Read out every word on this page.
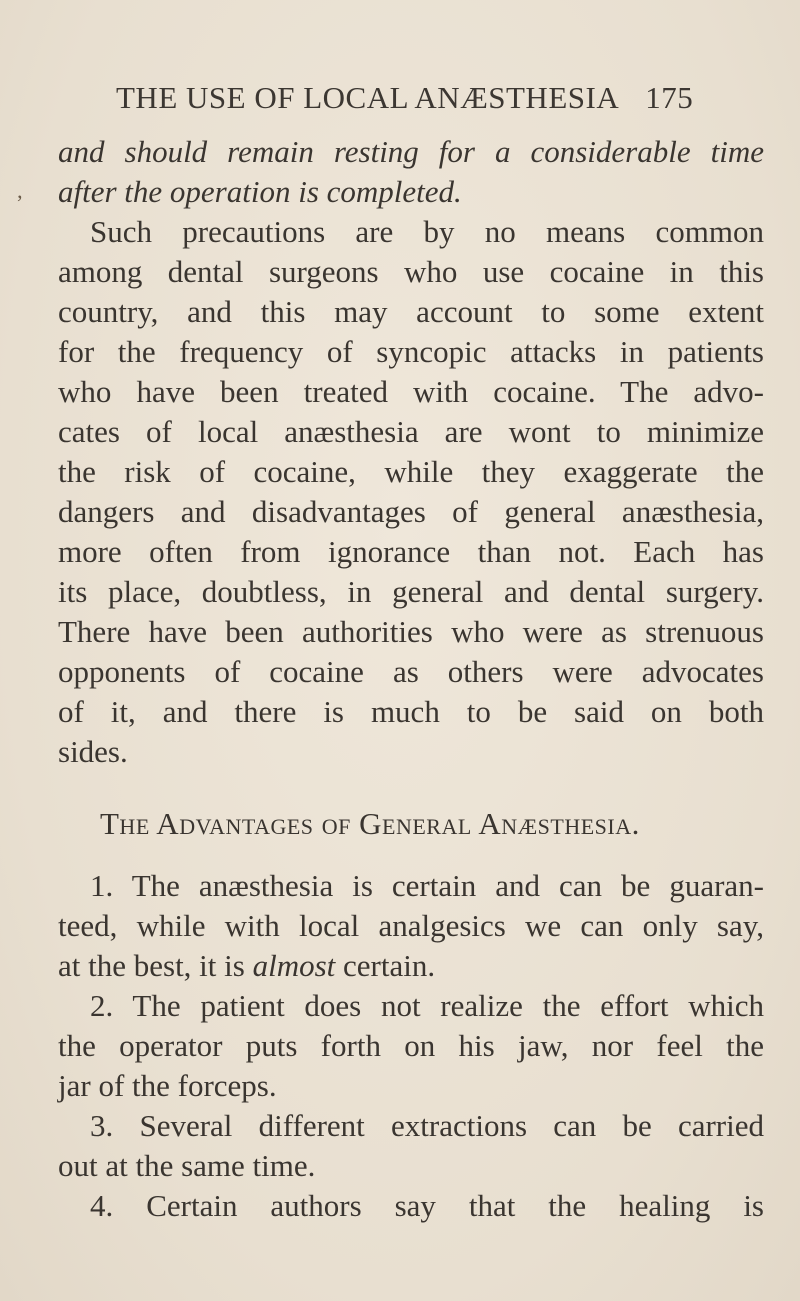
THE USE OF LOCAL ANÆSTHESIA 175
‚
and should remain resting for a considerable time
after the operation is completed.
Such precautions are by no means common
among dental surgeons who use cocaine in this
country, and this may account to some extent
for the frequency of syncopic attacks in patients
who have been treated with cocaine. The advo-
cates of local anæsthesia are wont to minimize
the risk of cocaine, while they exaggerate the
dangers and disadvantages of general anæsthesia,
more often from ignorance than not. Each has
its place, doubtless, in general and dental surgery.
There have been authorities who were as strenuous
opponents of cocaine as others were advocates
of it, and there is much to be said on both
sides.
The Advantages of General Anæsthesia.
1. The anæsthesia is certain and can be guaran-
teed, while with local analgesics we can only say,
at the best, it is almost certain.
2. The patient does not realize the effort which
the operator puts forth on his jaw, nor feel the
jar of the forceps.
3. Several different extractions can be carried
out at the same time.
4. Certain authors say that the healing is
